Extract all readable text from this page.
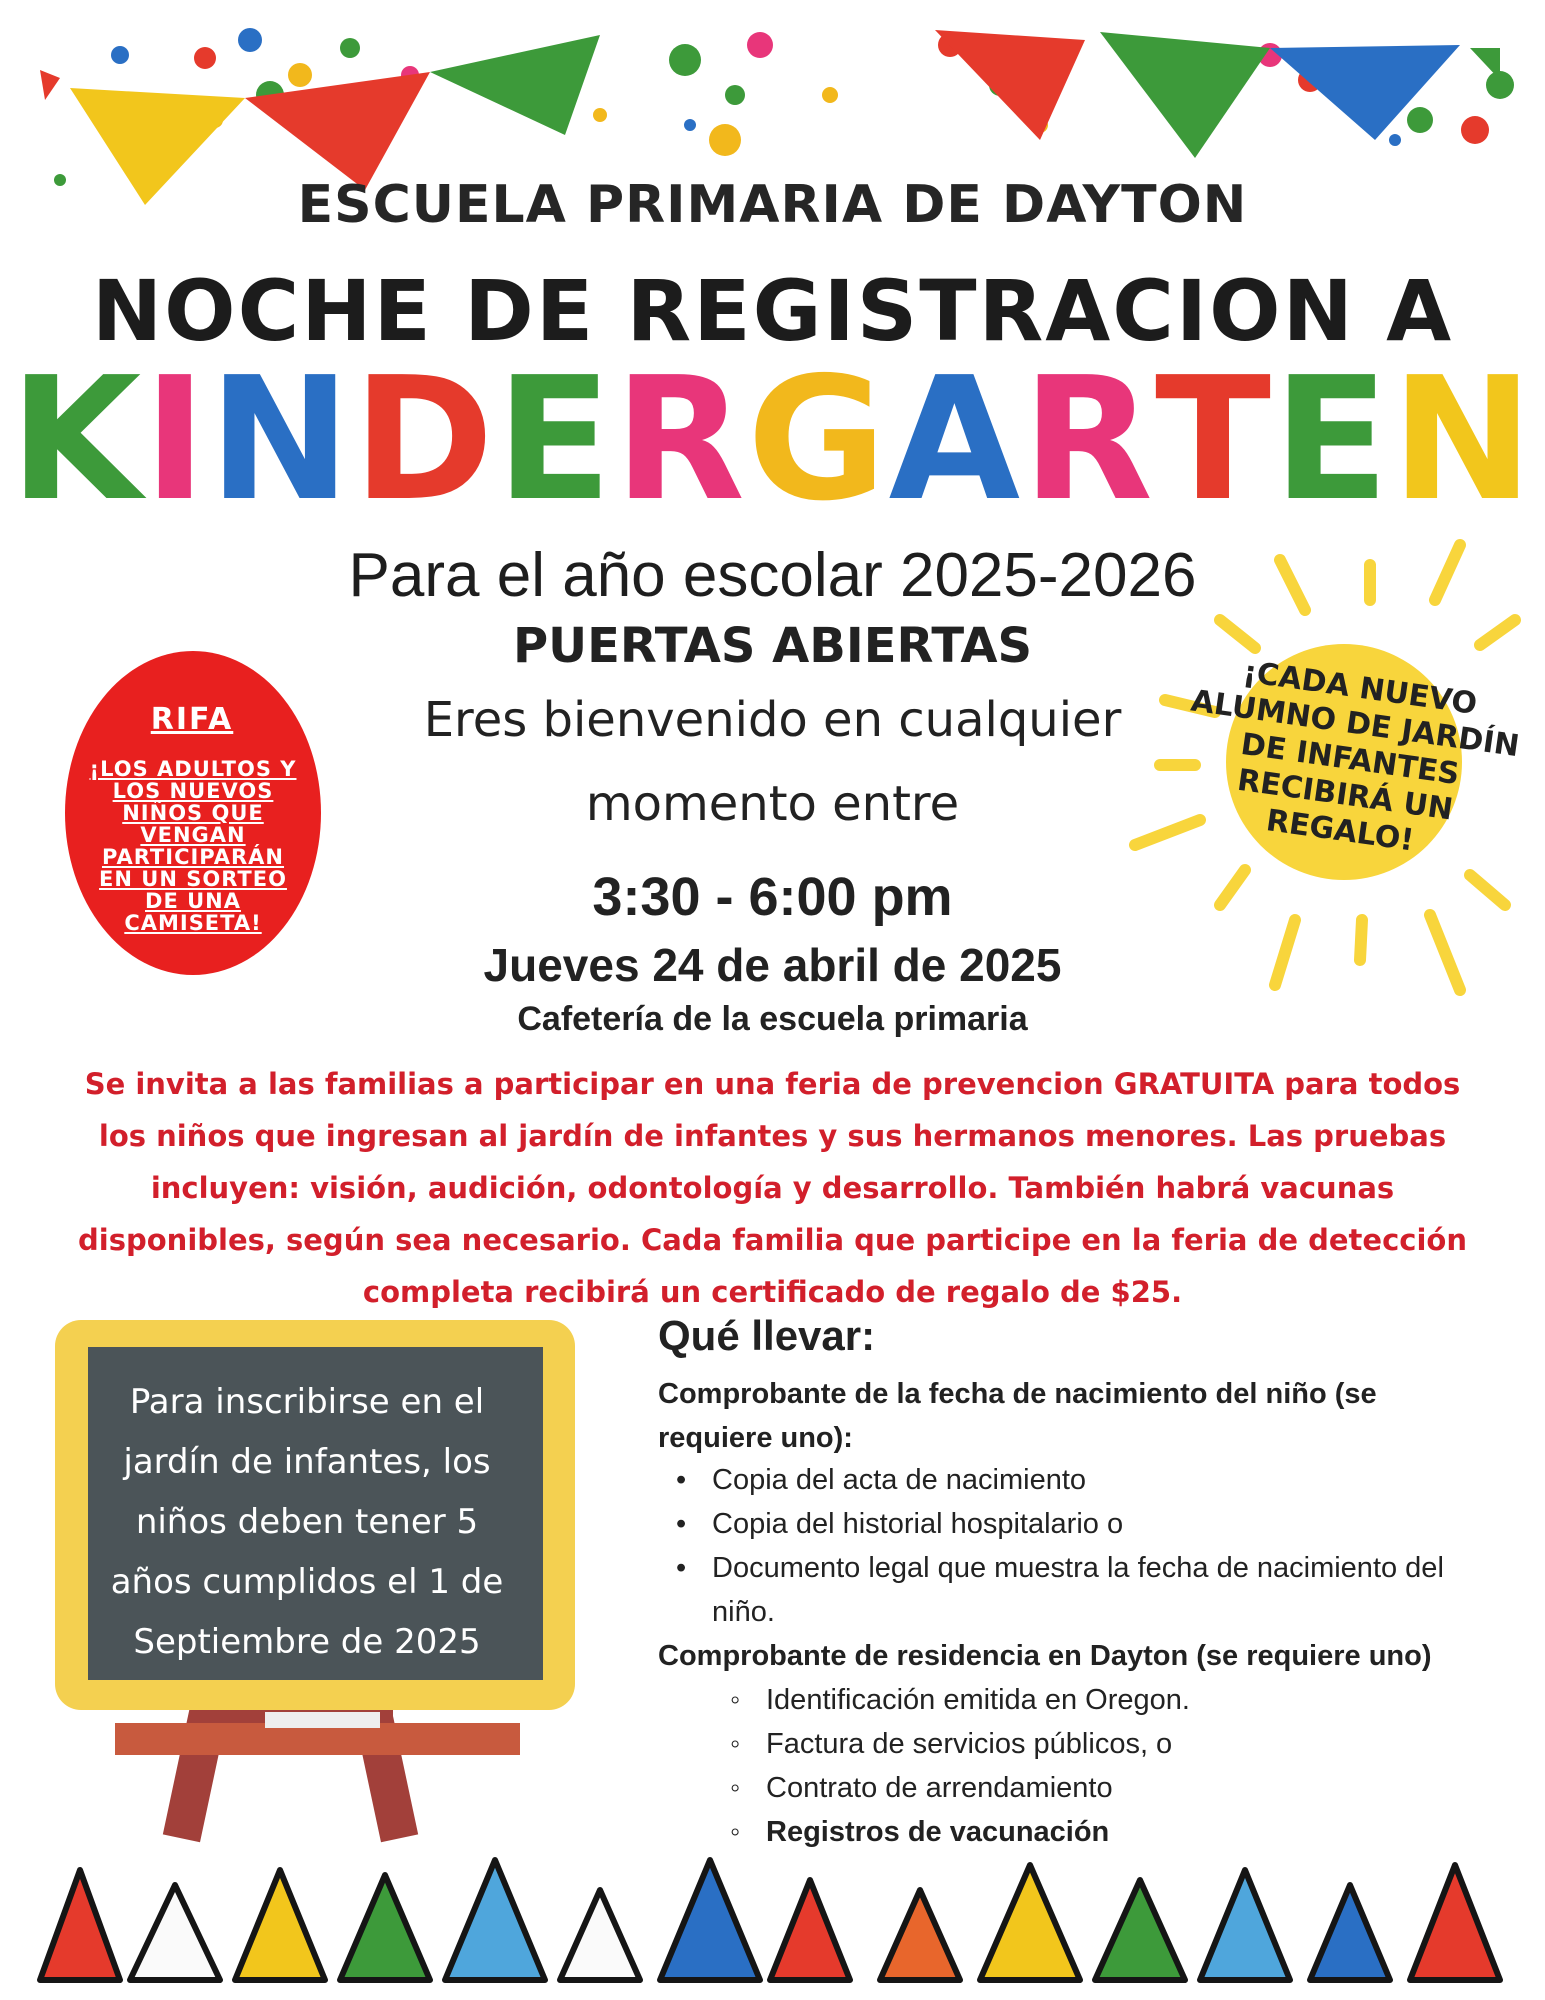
ESCUELA PRIMARIA DE DAYTON
NOCHE DE REGISTRACION A
KINDERGARTEN
Para el año escolar 2025-2026
PUERTAS ABIERTAS
Eres bienvenido en cualquier
momento entre
3:30 - 6:00 pm
Jueves 24 de abril de 2025
Cafetería de la escuela primaria
RIFA
¡LOS ADULTOS Y LOS NUEVOS NIÑOS QUE VENGAN PARTICIPARÁN EN UN SORTEO DE UNA CAMISETA!
¡CADA NUEVO ALUMNO DE JARDÍN DE INFANTES RECIBIRÁ UN REGALO!
Se invita a las familias a participar en una feria de prevencion GRATUITA para todos los niños que ingresan al jardín de infantes y sus hermanos menores. Las pruebas incluyen: visión, audición, odontología y desarrollo. También habrá vacunas disponibles, según sea necesario. Cada familia que participe en la feria de detección completa recibirá un certificado de regalo de $25.
Para inscribirse en el jardín de infantes, los niños deben tener 5 años cumplidos el 1 de Septiembre de 2025
Qué llevar:
Comprobante de la fecha de nacimiento del niño (se requiere uno):
• Copia del acta de nacimiento
• Copia del historial hospitalario o
• Documento legal que muestra la fecha de nacimiento del niño.
Comprobante de residencia en Dayton (se requiere uno)
◦ Identificación emitida en Oregon.
◦ Factura de servicios públicos, o
◦ Contrato de arrendamiento
◦ Registros de vacunación
